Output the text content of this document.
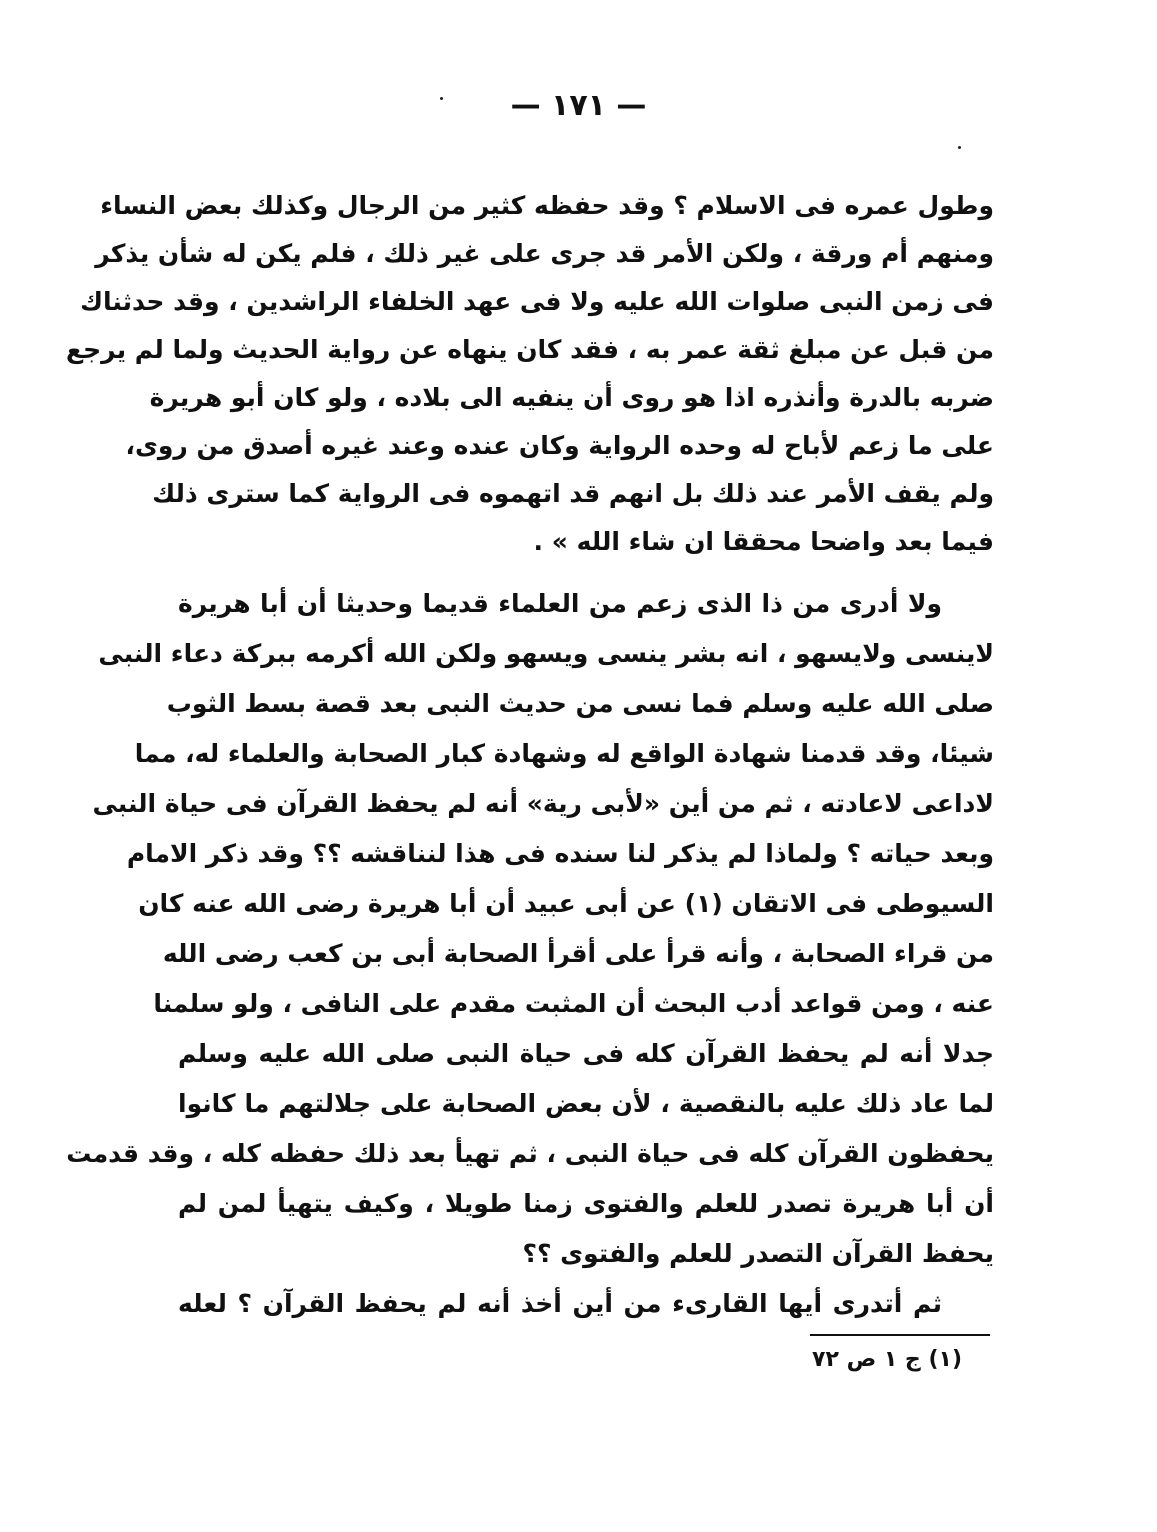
— ١٧١ —
وطول عمره فى الاسلام ؟ وقد حفظه كثير من الرجال وكذلك بعض النساء
ومنهم أم ورقة ، ولكن الأمر قد جرى على غير ذلك ، فلم يكن له شأن يذكر
فى زمن النبى صلوات الله عليه ولا فى عهد الخلفاء الراشدين ، وقد حدثناك
من قبل عن مبلغ ثقة عمر به ، فقد كان ينهاه عن رواية الحديث ولما لم يرجع
ضربه بالدرة وأنذره اذا هو روى أن ينفيه الى بلاده ، ولو كان أبو هريرة
على ما زعم لأباح له وحده الرواية وكان عنده وعند غيره أصدق من روى،
ولم يقف الأمر عند ذلك بل انهم قد اتهموه فى الرواية كما سترى ذلك
فيما بعد واضحا محققا ان شاء الله » .
ولا أدرى من ذا الذى زعم من العلماء قديما وحديثا أن أبا هريرة
لاينسى ولايسهو ، انه بشر ينسى ويسهو ولكن الله أكرمه ببركة دعاء النبى
صلى الله عليه وسلم فما نسى من حديث النبى بعد قصة بسط الثوب
شيئا، وقد قدمنا شهادة الواقع له وشهادة كبار الصحابة والعلماء له، مما
لاداعى لاعادته ، ثم من أين «لأبى رية» أنه لم يحفظ القرآن فى حياة النبى
وبعد حياته ؟ ولماذا لم يذكر لنا سنده فى هذا لنناقشه ؟؟ وقد ذكر الامام
السيوطى فى الاتقان (١) عن أبى عبيد أن أبا هريرة رضى الله عنه كان
من قراء الصحابة ، وأنه قرأ على أقرأ الصحابة أبى بن كعب رضى الله
عنه ، ومن قواعد أدب البحث أن المثبت مقدم على النافى ، ولو سلمنا
جدلا أنه لم يحفظ القرآن كله فى حياة النبى صلى الله عليه وسلم
لما عاد ذلك عليه بالنقصية ، لأن بعض الصحابة على جلالتهم ما كانوا
يحفظون القرآن كله فى حياة النبى ، ثم تهيأ بعد ذلك حفظه كله ، وقد قدمت
أن أبا هريرة تصدر للعلم والفتوى زمنا طويلا ، وكيف يتهيأ لمن لم
يحفظ القرآن التصدر للعلم والفتوى ؟؟
ثم أتدرى أيها القارىء من أين أخذ أنه لم يحفظ القرآن ؟ لعله
(١) ج ١ ص ٧٢
